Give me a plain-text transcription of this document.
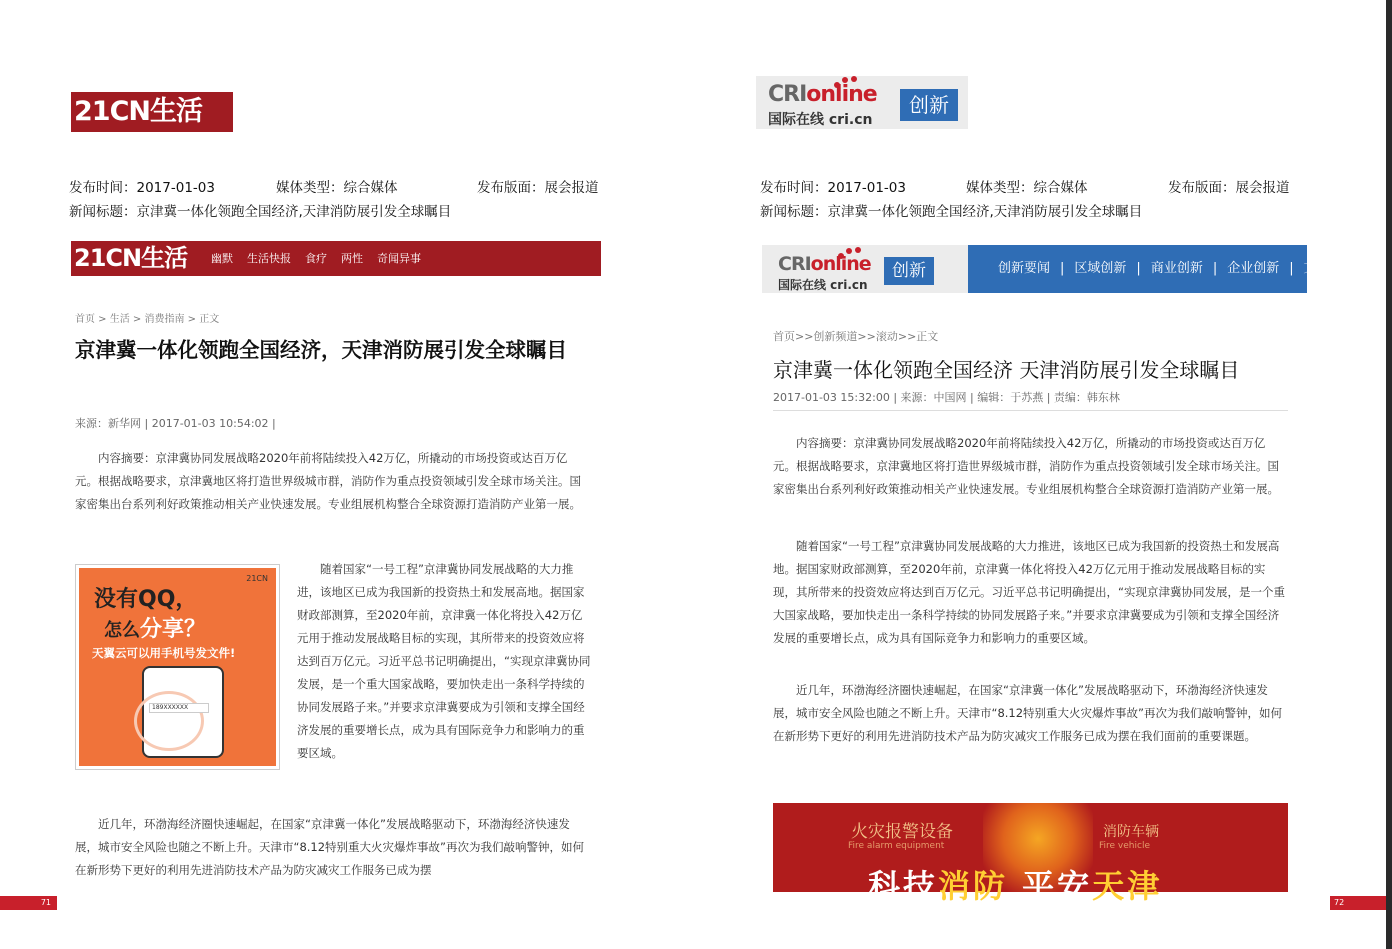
21CN生活
发布时间：2017-01-03	媒体类型：综合媒体	发布版面：展会报道
新闻标题：京津冀一体化领跑全国经济,天津消防展引发全球瞩目
21CN生活 幽默 生活快报 食疗 两性 奇闻异事
首页 > 生活 > 消费指南 > 正文
京津冀一体化领跑全国经济，天津消防展引发全球瞩目
来源：新华网 | 2017-01-03 10:54:02 |
内容摘要：京津冀协同发展战略2020年前将陆续投入42万亿，所撬动的市场投资或达百万亿元。根据战略要求，京津冀地区将打造世界级城市群，消防作为重点投资领域引发全球市场关注。国家密集出台系列利好政策推动相关产业快速发展。专业组展机构整合全球资源打造消防产业第一展。
21CN
没有QQ，
怎么分享？
天翼云可以用手机号发文件!
189XXXXXX
随着国家“一号工程”京津冀协同发展战略的大力推进，该地区已成为我国新的投资热土和发展高地。据国家财政部测算，至2020年前，京津冀一体化将投入42万亿元用于推动发展战略目标的实现，其所带来的投资效应将达到百万亿元。习近平总书记明确提出，“实现京津冀协同发展，是一个重大国家战略，要加快走出一条科学持续的协同发展路子来。”并要求京津冀要成为引领和支撑全国经济发展的重要增长点，成为具有国际竞争力和影响力的重要区域。
近几年，环渤海经济圈快速崛起，在国家“京津冀一体化”发展战略驱动下，环渤海经济快速发展，城市安全风险也随之不断上升。天津市“8.12特别重大火灾爆炸事故”再次为我们敲响警钟，如何在新形势下更好的利用先进消防技术产品为防灾减灾工作服务已成为摆
71
CRIonline
国际在线 cri.cn
创新
发布时间：2017-01-03	媒体类型：综合媒体	发布版面：展会报道
新闻标题：京津冀一体化领跑全国经济,天津消防展引发全球瞩目
CRIonline
国际在线 cri.cn
创新	创新要闻 | 区域创新 | 商业创新 | 企业创新 | 文
首页>>创新频道>>滚动>>正文
京津冀一体化领跑全国经济 天津消防展引发全球瞩目
2017-01-03 15:32:00 | 来源：中国网 | 编辑：于苏燕 | 责编：韩东林
内容摘要：京津冀协同发展战略2020年前将陆续投入42万亿，所撬动的市场投资或达百万亿元。根据战略要求，京津冀地区将打造世界级城市群，消防作为重点投资领域引发全球市场关注。国家密集出台系列利好政策推动相关产业快速发展。专业组展机构整合全球资源打造消防产业第一展。
随着国家“一号工程”京津冀协同发展战略的大力推进，该地区已成为我国新的投资热土和发展高地。据国家财政部测算，至2020年前，京津冀一体化将投入42万亿元用于推动发展战略目标的实现，其所带来的投资效应将达到百万亿元。习近平总书记明确提出，“实现京津冀协同发展，是一个重大国家战略，要加快走出一条科学持续的协同发展路子来。”并要求京津冀要成为引领和支撑全国经济发展的重要增长点，成为具有国际竞争力和影响力的重要区域。
近几年，环渤海经济圈快速崛起，在国家“京津冀一体化”发展战略驱动下，环渤海经济快速发展，城市安全风险也随之不断上升。天津市“8.12特别重大火灾爆炸事故”再次为我们敲响警钟，如何在新形势下更好的利用先进消防技术产品为防灾减灾工作服务已成为摆在我们面前的重要课题。
火灾报警设备
Fire alarm equipment
消防车辆
Fire vehicle
科技消防 平安天津	72
